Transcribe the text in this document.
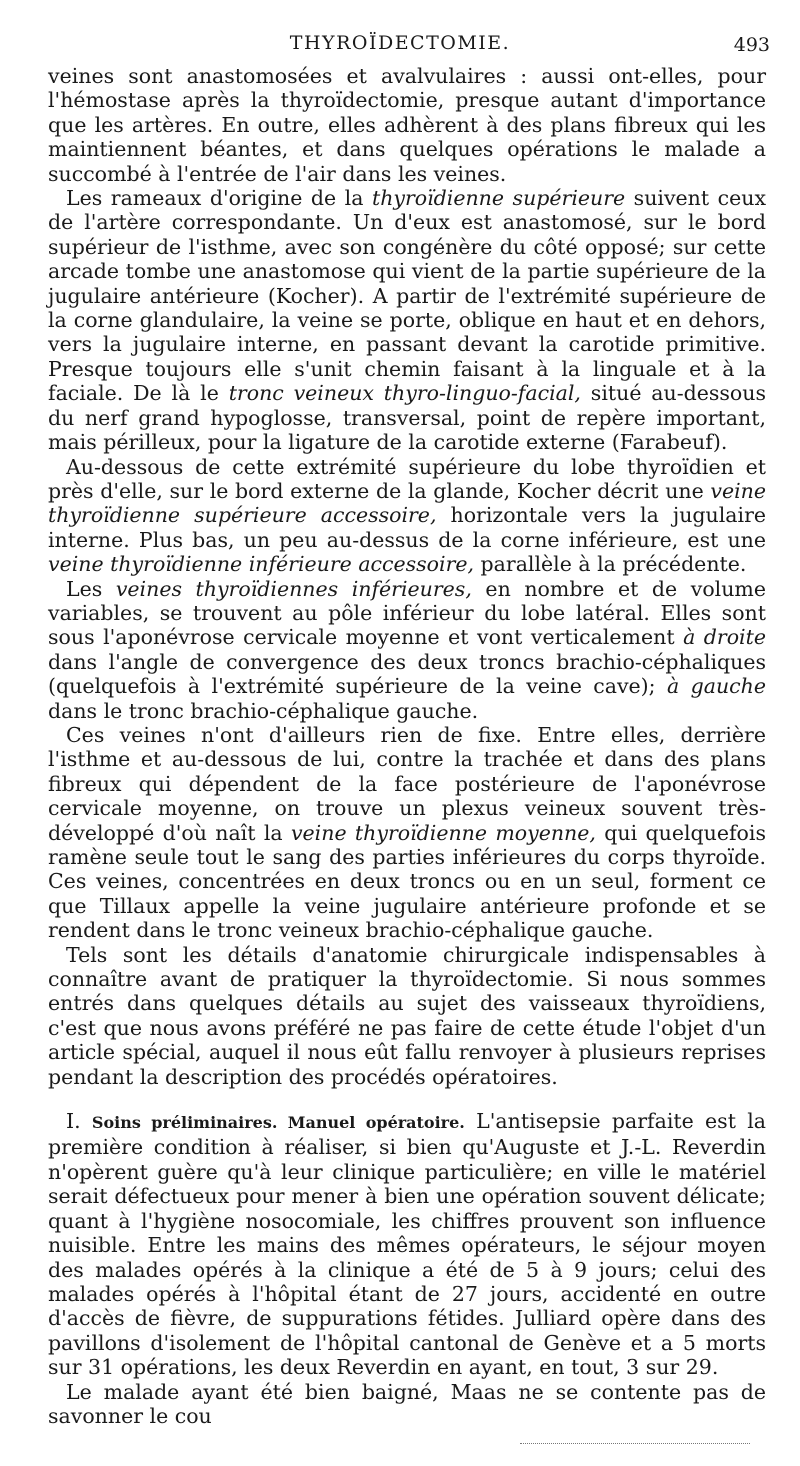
THYROÏDECTOMIE.	493

veines sont anastomosées et avalvulaires : aussi ont-elles, pour l'hémostase après la thyroïdectomie, presque autant d'importance que les artères. En outre, elles adhèrent à des plans fibreux qui les maintiennent béantes, et dans quelques opérations le malade a succombé à l'entrée de l'air dans les veines.

Les rameaux d'origine de la thyroïdienne supérieure suivent ceux de l'artère correspondante. Un d'eux est anastomosé, sur le bord supérieur de l'isthme, avec son congénère du côté opposé; sur cette arcade tombe une anastomose qui vient de la partie supérieure de la jugulaire antérieure (Kocher). A partir de l'extrémité supérieure de la corne glandulaire, la veine se porte, oblique en haut et en dehors, vers la jugulaire interne, en passant devant la carotide primitive. Presque toujours elle s'unit chemin faisant à la linguale et à la faciale. De là le tronc veineux thyro-linguo-facial, situé au-dessous du nerf grand hypoglosse, transversal, point de repère important, mais périlleux, pour la ligature de la carotide externe (Farabeuf).

Au-dessous de cette extrémité supérieure du lobe thyroïdien et près d'elle, sur le bord externe de la glande, Kocher décrit une veine thyroïdienne supérieure accessoire, horizontale vers la jugulaire interne. Plus bas, un peu au-dessus de la corne inférieure, est une veine thyroïdienne inférieure accessoire, parallèle à la précédente.

Les veines thyroïdiennes inférieures, en nombre et de volume variables, se trouvent au pôle inférieur du lobe latéral. Elles sont sous l'aponévrose cervicale moyenne et vont verticalement à droite dans l'angle de convergence des deux troncs brachio-céphaliques (quelquefois à l'extrémité supérieure de la veine cave); à gauche dans le tronc brachio-céphalique gauche.

Ces veines n'ont d'ailleurs rien de fixe. Entre elles, derrière l'isthme et au-dessous de lui, contre la trachée et dans des plans fibreux qui dépendent de la face postérieure de l'aponévrose cervicale moyenne, on trouve un plexus veineux souvent très-développé d'où naît la veine thyroïdienne moyenne, qui quelquefois ramène seule tout le sang des parties inférieures du corps thyroïde. Ces veines, concentrées en deux troncs ou en un seul, forment ce que Tillaux appelle la veine jugulaire antérieure profonde et se rendent dans le tronc veineux brachio-céphalique gauche.

Tels sont les détails d'anatomie chirurgicale indispensables à connaître avant de pratiquer la thyroïdectomie. Si nous sommes entrés dans quelques détails au sujet des vaisseaux thyroïdiens, c'est que nous avons préféré ne pas faire de cette étude l'objet d'un article spécial, auquel il nous eût fallu renvoyer à plusieurs reprises pendant la description des procédés opératoires.

I. Soins préliminaires. Manuel opératoire. L'antisepsie parfaite est la première condition à réaliser, si bien qu'Auguste et J.-L. Reverdin n'opèrent guère qu'à leur clinique particulière; en ville le matériel serait défectueux pour mener à bien une opération souvent délicate; quant à l'hygiène nosocomiale, les chiffres prouvent son influence nuisible. Entre les mains des mêmes opérateurs, le séjour moyen des malades opérés à la clinique a été de 5 à 9 jours; celui des malades opérés à l'hôpital étant de 27 jours, accidenté en outre d'accès de fièvre, de suppurations fétides. Julliard opère dans des pavillons d'isolement de l'hôpital cantonal de Genève et a 5 morts sur 31 opérations, les deux Reverdin en ayant, en tout, 3 sur 29.

Le malade ayant été bien baigné, Maas ne se contente pas de savonner le cou
